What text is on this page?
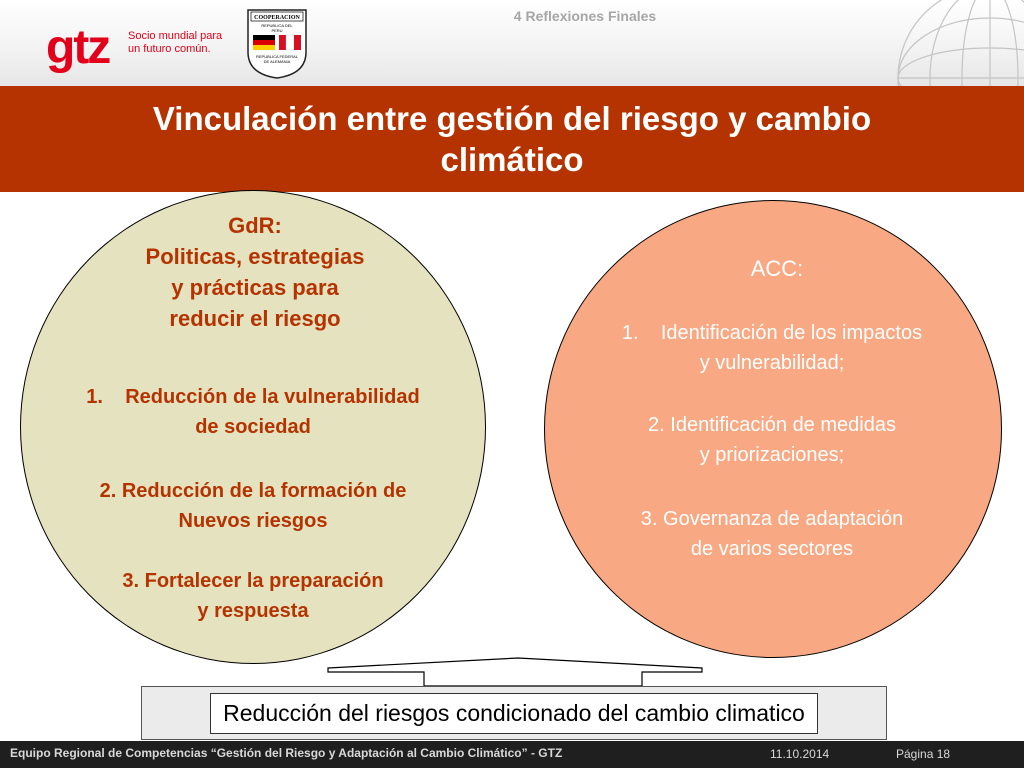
gtz Socio mundial para
un futuro común.
COOPERACION
REPUBLICA DEL
PERU
REPUBLICA FEDERAL
DE ALEMANIA
4 Reflexiones Finales
Vinculación entre gestión del riesgo y cambio
climático
GdR:
Politicas, estrategias
y prácticas para
reducir el riesgo
1.    Reducción de la vulnerabilidad
de sociedad
2. Reducción de la formación de
Nuevos riesgos
3. Fortalecer la preparación
y respuesta
ACC:
1.    Identificación de los impactos
y vulnerabilidad;
2. Identificación de medidas
y priorizaciones;
3. Governanza de adaptación
de varios sectores
Reducción del riesgos condicionado del cambio climatico
Equipo Regional de Competencias “Gestión del Riesgo y Adaptación al Cambio Climático” - GTZ	11.10.2014	Página 18
